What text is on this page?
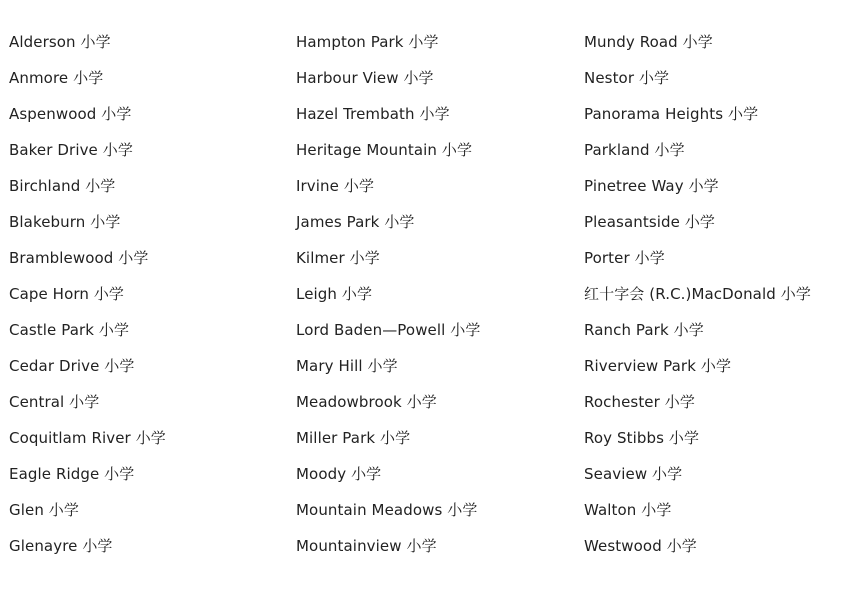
Alderson 小学
Anmore 小学
Aspenwood 小学
Baker Drive 小学
Birchland 小学
Blakeburn 小学
Bramblewood 小学
Cape Horn 小学
Castle Park 小学
Cedar Drive 小学
Central 小学
Coquitlam River 小学
Eagle Ridge 小学
Glen 小学
Glenayre 小学
Hampton Park 小学
Harbour View 小学
Hazel Trembath 小学
Heritage Mountain 小学
Irvine 小学
James Park 小学
Kilmer 小学
Leigh 小学
Lord Baden—Powell 小学
Mary Hill 小学
Meadowbrook 小学
Miller Park 小学
Moody 小学
Mountain Meadows 小学
Mountainview 小学
Mundy Road 小学
Nestor 小学
Panorama Heights 小学
Parkland 小学
Pinetree Way 小学
Pleasantside 小学
Porter 小学
红十字会 (R.C.)MacDonald 小学
Ranch Park 小学
Riverview Park 小学
Rochester 小学
Roy Stibbs 小学
Seaview 小学
Walton 小学
Westwood 小学
